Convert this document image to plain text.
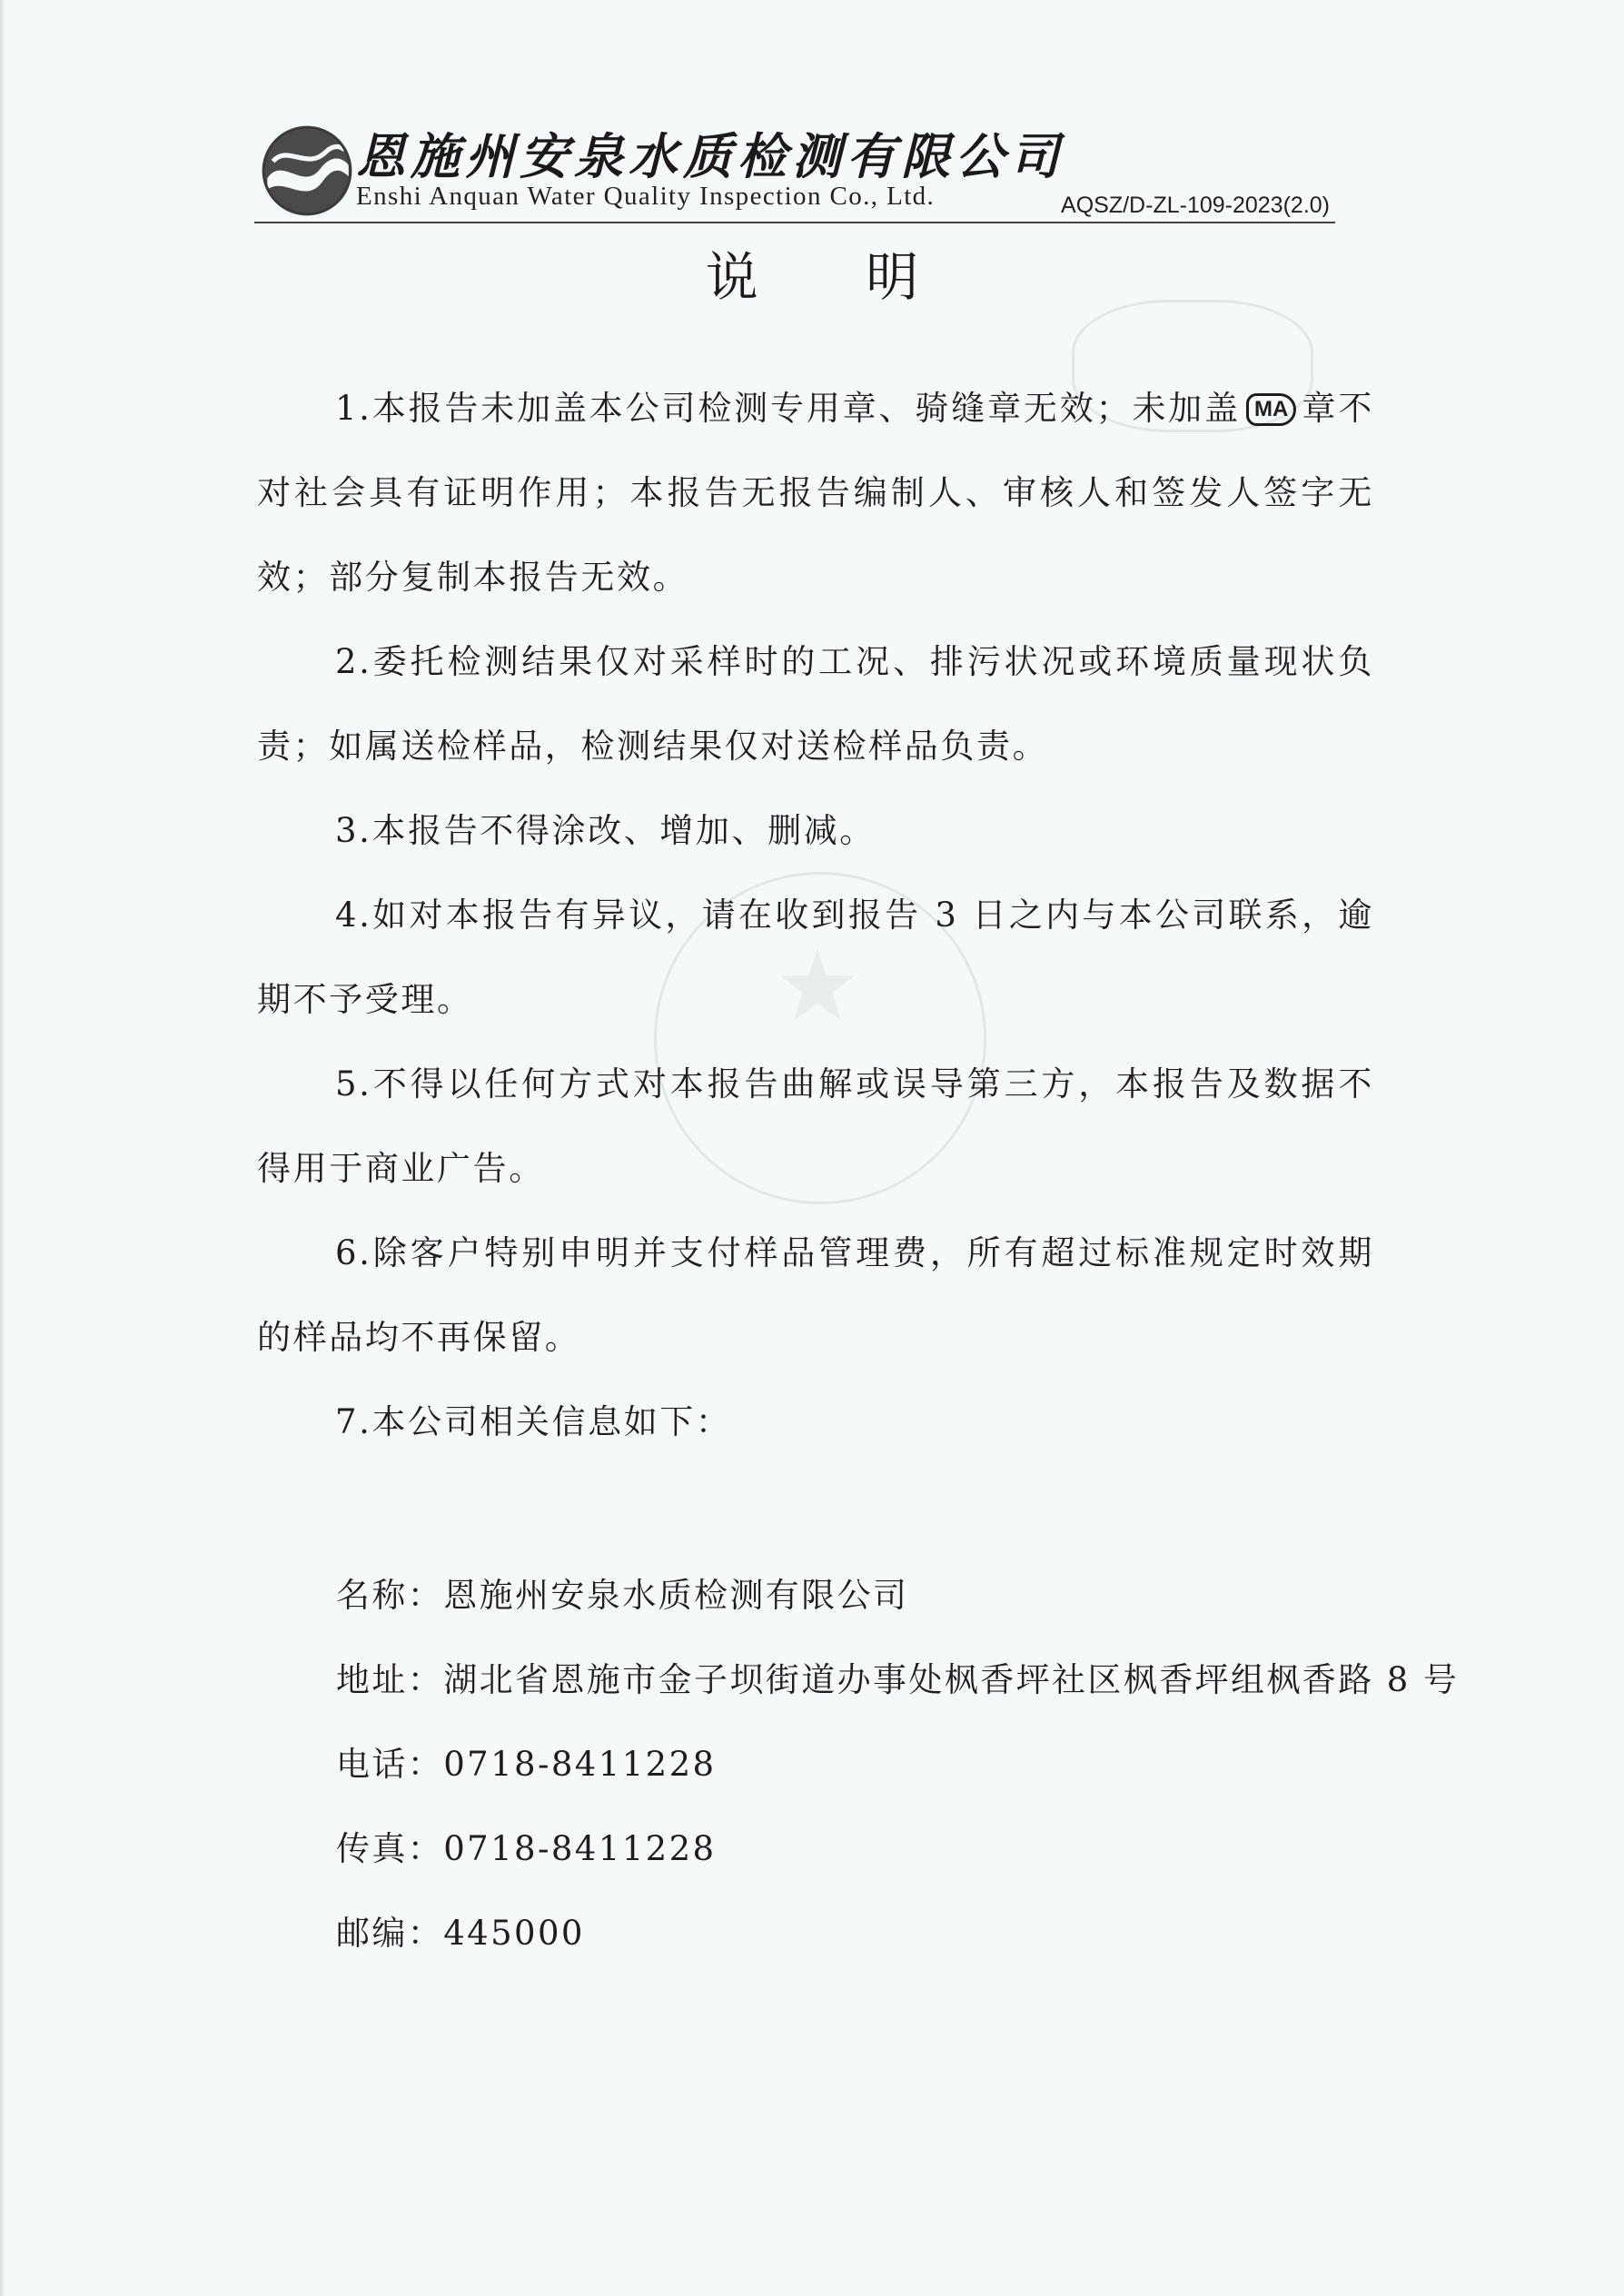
恩施州安泉水质检测有限公司
Enshi Anquan Water Quality Inspection Co., Ltd.	AQSZ/D-ZL-109-2023(2.0)
说 明

1.本报告未加盖本公司检测专用章、骑缝章无效；未加盖 MA 章不对社会具有证明作用；本报告无报告编制人、审核人和签发人签字无效；部分复制本报告无效。

2.委托检测结果仅对采样时的工况、排污状况或环境质量现状负责；如属送检样品，检测结果仅对送检样品负责。

3.本报告不得涂改、增加、删减。

4.如对本报告有异议，请在收到报告 3 日之内与本公司联系，逾期不予受理。

5.不得以任何方式对本报告曲解或误导第三方，本报告及数据不得用于商业广告。

6.除客户特别申明并支付样品管理费，所有超过标准规定时效期的样品均不再保留。

7.本公司相关信息如下：

名称：恩施州安泉水质检测有限公司
地址：湖北省恩施市金子坝街道办事处枫香坪社区枫香坪组枫香路 8 号
电话：0718-8411228
传真：0718-8411228
邮编：445000
